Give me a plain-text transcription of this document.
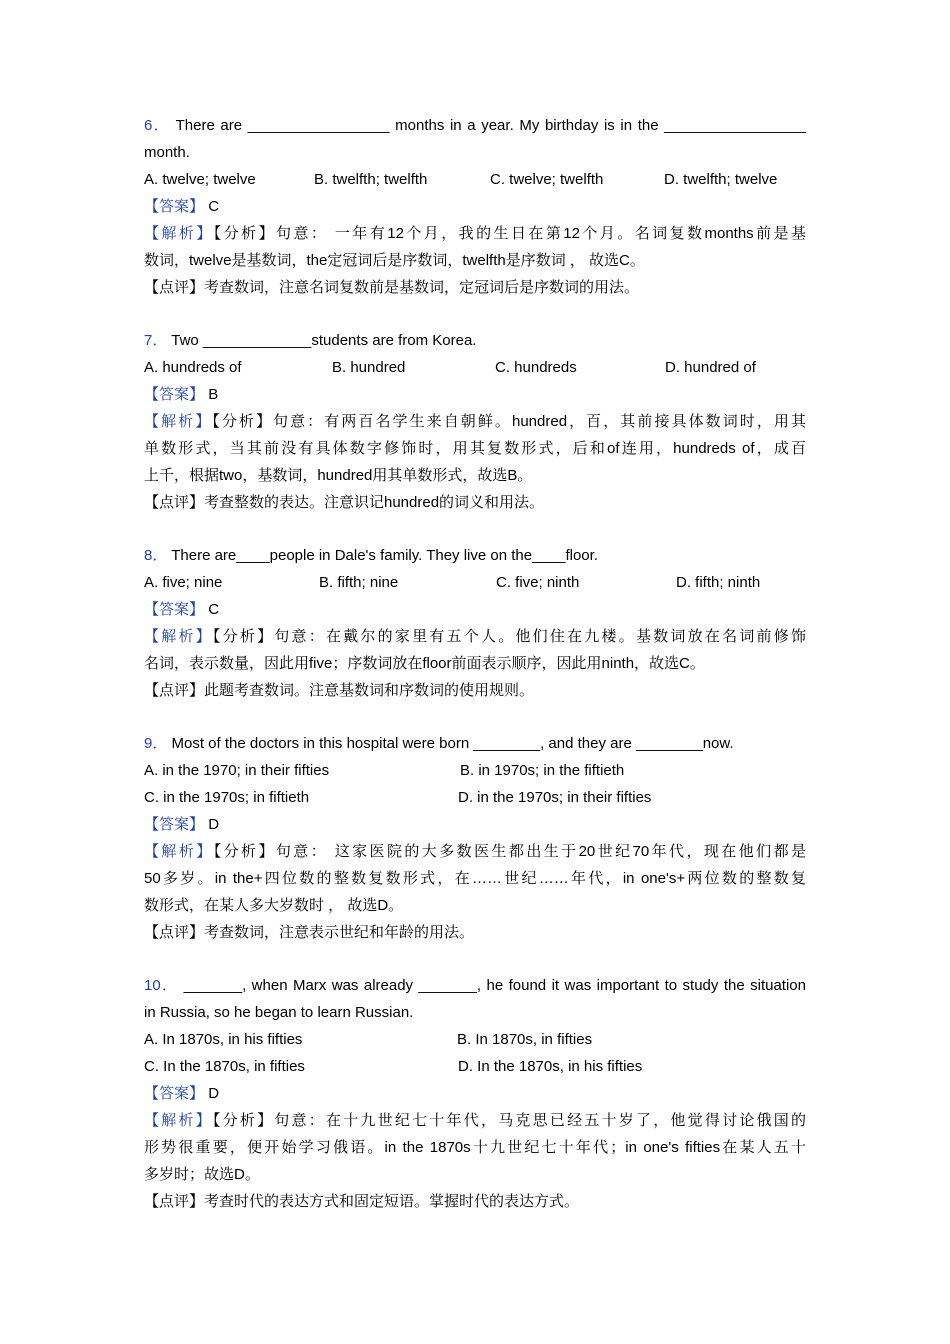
6． There are _________________ months in a year. My birthday is in the _________________
month.
A. twelve; twelve	B. twelfth; twelfth	C. twelve; twelfth	D. twelfth; twelve
【答案】 C
【解析】【分析】句意： 一年有12个月，我的生日在第12个月。名词复数months前是基
数词，twelve是基数词，the定冠词后是序数词，twelfth是序数词 ， 故选C。
【点评】考查数词，注意名词复数前是基数词，定冠词后是序数词的用法。
7． Two _____________students are from Korea.
A. hundreds of	B. hundred	C. hundreds	D. hundred of
【答案】 B
【解析】【分析】句意：有两百名学生来自朝鲜。hundred，百，其前接具体数词时，用其
单数形式，当其前没有具体数字修饰时，用其复数形式，后和of连用，hundreds of，成百
上千，根据two，基数词，hundred用其单数形式，故选B。
【点评】考查整数的表达。注意识记hundred的词义和用法。
8． There are____people in Dale's family. They live on the____floor.
A. five; nine	B. fifth; nine	C. five; ninth	D. fifth; ninth
【答案】 C
【解析】【分析】句意：在戴尔的家里有五个人。他们住在九楼。基数词放在名词前修饰
名词，表示数量，因此用five；序数词放在floor前面表示顺序，因此用ninth，故选C。
【点评】此题考查数词。注意基数词和序数词的使用规则。
9． Most of the doctors in this hospital were born ________, and they are ________now.
A. in the 1970; in their fifties	B. in 1970s; in the fiftieth
C. in the 1970s; in fiftieth	D. in the 1970s; in their fifties
【答案】 D
【解析】【分析】句意： 这家医院的大多数医生都出生于20世纪70年代，现在他们都是
50多岁。in the+四位数的整数复数形式，在……世纪……年代，in one's+两位数的整数复
数形式，在某人多大岁数时 ， 故选D。
【点评】考查数词，注意表示世纪和年龄的用法。
10． _______, when Marx was already _______, he found it was important to study the situation
in Russia, so he began to learn Russian.
A. In 1870s, in his fifties	B. In 1870s, in fifties
C. In the 1870s, in fifties	D. In the 1870s, in his fifties
【答案】 D
【解析】【分析】句意：在十九世纪七十年代，马克思已经五十岁了，他觉得讨论俄国的
形势很重要，便开始学习俄语。in the 1870s十九世纪七十年代；in one's fifties在某人五十
多岁时；故选D。
【点评】考查时代的表达方式和固定短语。掌握时代的表达方式。
